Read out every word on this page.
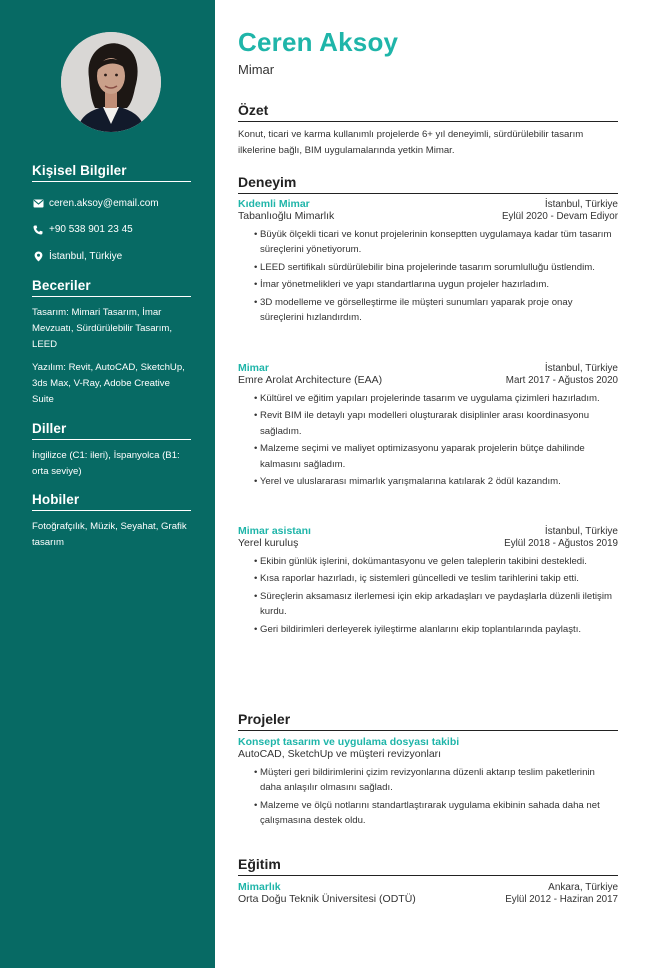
Kişisel Bilgiler
ceren.aksoy@email.com
+90 538 901 23 45
İstanbul, Türkiye
Beceriler
Tasarım: Mimari Tasarım, İmar Mevzuatı, Sürdürülebilir Tasarım, LEED
Yazılım: Revit, AutoCAD, SketchUp, 3ds Max, V-Ray, Adobe Creative Suite
Diller
İngilizce (C1: ileri), İspanyolca (B1: orta seviye)
Hobiler
Fotoğrafçılık, Müzik, Seyahat, Grafik tasarım
Ceren Aksoy
Mimar
Özet
Konut, ticari ve karma kullanımlı projelerde 6+ yıl deneyimli, sürdürülebilir tasarım ilkelerine bağlı, BIM uygulamalarında yetkin Mimar.
Deneyim
Kıdemli Mimar	İstanbul, Türkiye
Tabanlıoğlu Mimarlık	Eylül 2020 - Devam Ediyor
• Büyük ölçekli ticari ve konut projelerinin konseptten uygulamaya kadar tüm tasarım süreçlerini yönetiyorum.
• LEED sertifikalı sürdürülebilir bina projelerinde tasarım sorumlulluğu üstlendim.
• İmar yönetmelikleri ve yapı standartlarına uygun projeler hazırladım.
• 3D modelleme ve görselleştirme ile müşteri sunumları yaparak proje onay süreçlerini hızlandırdım.
Mimar	İstanbul, Türkiye
Emre Arolat Architecture (EAA)	Mart 2017 - Ağustos 2020
• Kültürel ve eğitim yapıları projelerinde tasarım ve uygulama çizimleri hazırladım.
• Revit BIM ile detaylı yapı modelleri oluşturarak disiplinler arası koordinasyonu sağladım.
• Malzeme seçimi ve maliyet optimizasyonu yaparak projelerin bütçe dahilinde kalmasını sağladım.
• Yerel ve uluslararası mimarlık yarışmalarına katılarak 2 ödül kazandım.
Mimar asistanı	İstanbul, Türkiye
Yerel kuruluş	Eylül 2018 - Ağustos 2019
• Ekibin günlük işlerini, dokümantasyonu ve gelen taleplerin takibini destekledi.
• Kısa raporlar hazırladı, iç sistemleri güncelledi ve teslim tarihlerini takip etti.
• Süreçlerin aksamasız ilerlemesi için ekip arkadaşları ve paydaşlarla düzenli iletişim kurdu.
• Geri bildirimleri derleyerek iyileştirme alanlarını ekip toplantılarında paylaştı.
Projeler
Konsept tasarım ve uygulama dosyası takibi
AutoCAD, SketchUp ve müşteri revizyonları
• Müşteri geri bildirimlerini çizim revizyonlarına düzenli aktarıp teslim paketlerinin daha anlaşılır olmasını sağladı.
• Malzeme ve ölçü notlarını standartlaştırarak uygulama ekibinin sahada daha net çalışmasına destek oldu.
Eğitim
Mimarlık	Ankara, Türkiye
Orta Doğu Teknik Üniversitesi (ODTÜ)	Eylül 2012 - Haziran 2017
